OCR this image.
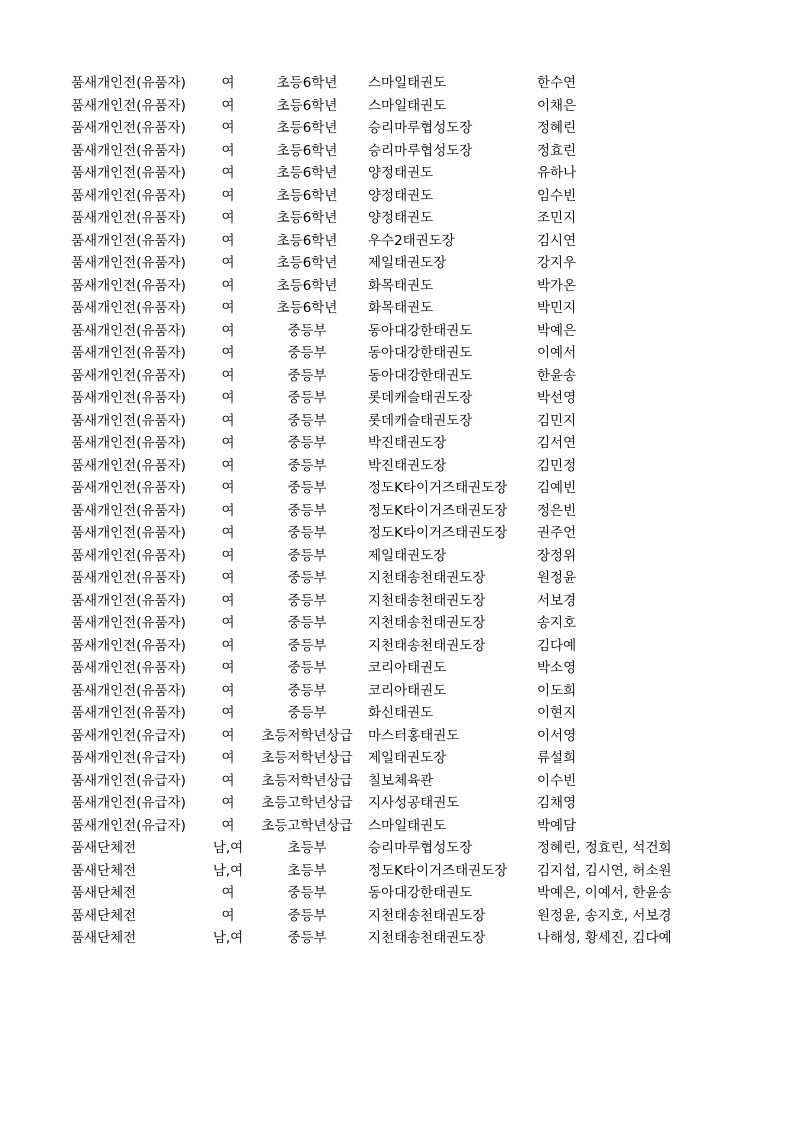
품새개인전(유품자)	여	초등6학년	스마일태권도	한수연
품새개인전(유품자)	여	초등6학년	스마일태권도	이채은
품새개인전(유품자)	여	초등6학년	승리마루협성도장	정혜린
품새개인전(유품자)	여	초등6학년	승리마루협성도장	정효린
품새개인전(유품자)	여	초등6학년	양정태권도	유하나
품새개인전(유품자)	여	초등6학년	양정태권도	임수빈
품새개인전(유품자)	여	초등6학년	양정태권도	조민지
품새개인전(유품자)	여	초등6학년	우수2태권도장	김시연
품새개인전(유품자)	여	초등6학년	제일태권도장	강지우
품새개인전(유품자)	여	초등6학년	화목태권도	박가온
품새개인전(유품자)	여	초등6학년	화목태권도	박민지
품새개인전(유품자)	여	중등부	동아대강한태권도	박예은
품새개인전(유품자)	여	중등부	동아대강한태권도	이예서
품새개인전(유품자)	여	중등부	동아대강한태권도	한윤송
품새개인전(유품자)	여	중등부	롯데캐슬태권도장	박선영
품새개인전(유품자)	여	중등부	롯데캐슬태권도장	김민지
품새개인전(유품자)	여	중등부	박진태권도장	김서연
품새개인전(유품자)	여	중등부	박진태권도장	김민정
품새개인전(유품자)	여	중등부	정도K타이거즈태권도장	김예빈
품새개인전(유품자)	여	중등부	정도K타이거즈태권도장	정은빈
품새개인전(유품자)	여	중등부	정도K타이거즈태권도장	권주언
품새개인전(유품자)	여	중등부	제일태권도장	장정위
품새개인전(유품자)	여	중등부	지천태송천태권도장	원정윤
품새개인전(유품자)	여	중등부	지천태송천태권도장	서보경
품새개인전(유품자)	여	중등부	지천태송천태권도장	송지호
품새개인전(유품자)	여	중등부	지천태송천태권도장	김다예
품새개인전(유품자)	여	중등부	코리아태권도	박소영
품새개인전(유품자)	여	중등부	코리아태권도	이도희
품새개인전(유품자)	여	중등부	화신태권도	이현지
품새개인전(유급자)	여	초등저학년상급	마스터홍태권도	이서영
품새개인전(유급자)	여	초등저학년상급	제일태권도장	류설희
품새개인전(유급자)	여	초등저학년상급	칠보체육관	이수빈
품새개인전(유급자)	여	초등고학년상급	지사성공태권도	김채영
품새개인전(유급자)	여	초등고학년상급	스마일태권도	박예담
품새단체전	남,여	초등부	승리마루협성도장	정혜린, 정효린, 석건희
품새단체전	남,여	초등부	정도K타이거즈태권도장	김지섭, 김시연, 허소원
품새단체전	여	중등부	동아대강한태권도	박예은, 이예서, 한윤송
품새단체전	여	중등부	지천태송천태권도장	원정윤, 송지호, 서보경
품새단체전	남,여	중등부	지천태송천태권도장	나해성, 황세진, 김다예
